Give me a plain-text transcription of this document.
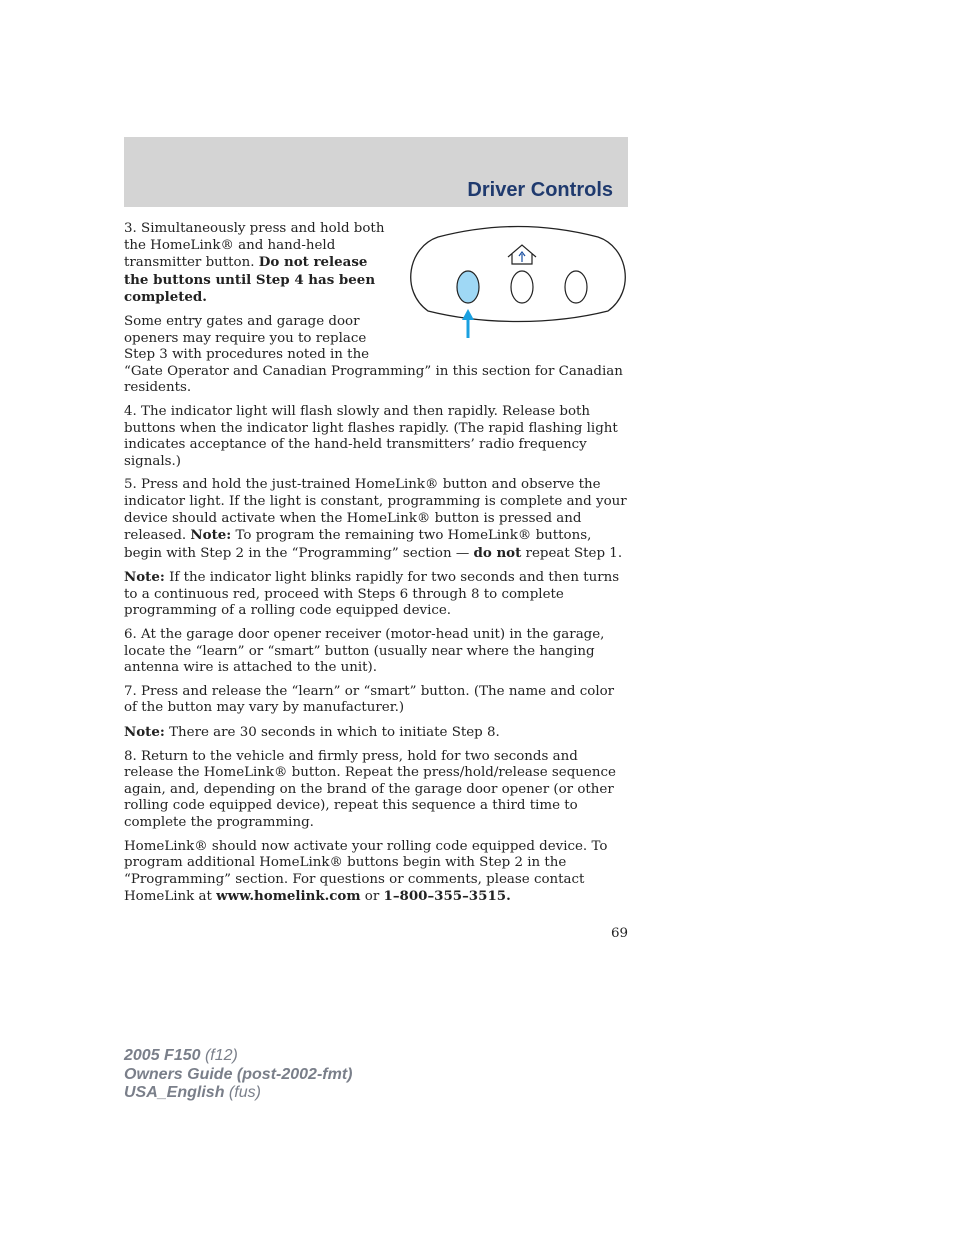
Driver Controls

3. Simultaneously press and hold both the HomeLink® and hand-held transmitter button. Do not release the buttons until Step 4 has been completed.

Some entry gates and garage door openers may require you to replace Step 3 with procedures noted in the “Gate Operator and Canadian Programming” in this section for Canadian residents.

4. The indicator light will flash slowly and then rapidly. Release both buttons when the indicator light flashes rapidly. (The rapid flashing light indicates acceptance of the hand-held transmitters’ radio frequency signals.)

5. Press and hold the just-trained HomeLink® button and observe the indicator light. If the light is constant, programming is complete and your device should activate when the HomeLink® button is pressed and released. Note: To program the remaining two HomeLink® buttons, begin with Step 2 in the “Programming” section — do not repeat Step 1.

Note: If the indicator light blinks rapidly for two seconds and then turns to a continuous red, proceed with Steps 6 through 8 to complete programming of a rolling code equipped device.

6. At the garage door opener receiver (motor-head unit) in the garage, locate the “learn” or “smart” button (usually near where the hanging antenna wire is attached to the unit).

7. Press and release the “learn” or “smart” button. (The name and color of the button may vary by manufacturer.)

Note: There are 30 seconds in which to initiate Step 8.

8. Return to the vehicle and firmly press, hold for two seconds and release the HomeLink® button. Repeat the press/hold/release sequence again, and, depending on the brand of the garage door opener (or other rolling code equipped device), repeat this sequence a third time to complete the programming.

HomeLink® should now activate your rolling code equipped device. To program additional HomeLink® buttons begin with Step 2 in the “Programming” section. For questions or comments, please contact HomeLink at www.homelink.com or 1–800–355–3515.

69
2005 F150 (f12)
Owners Guide (post-2002-fmt)
USA_English (fus)
